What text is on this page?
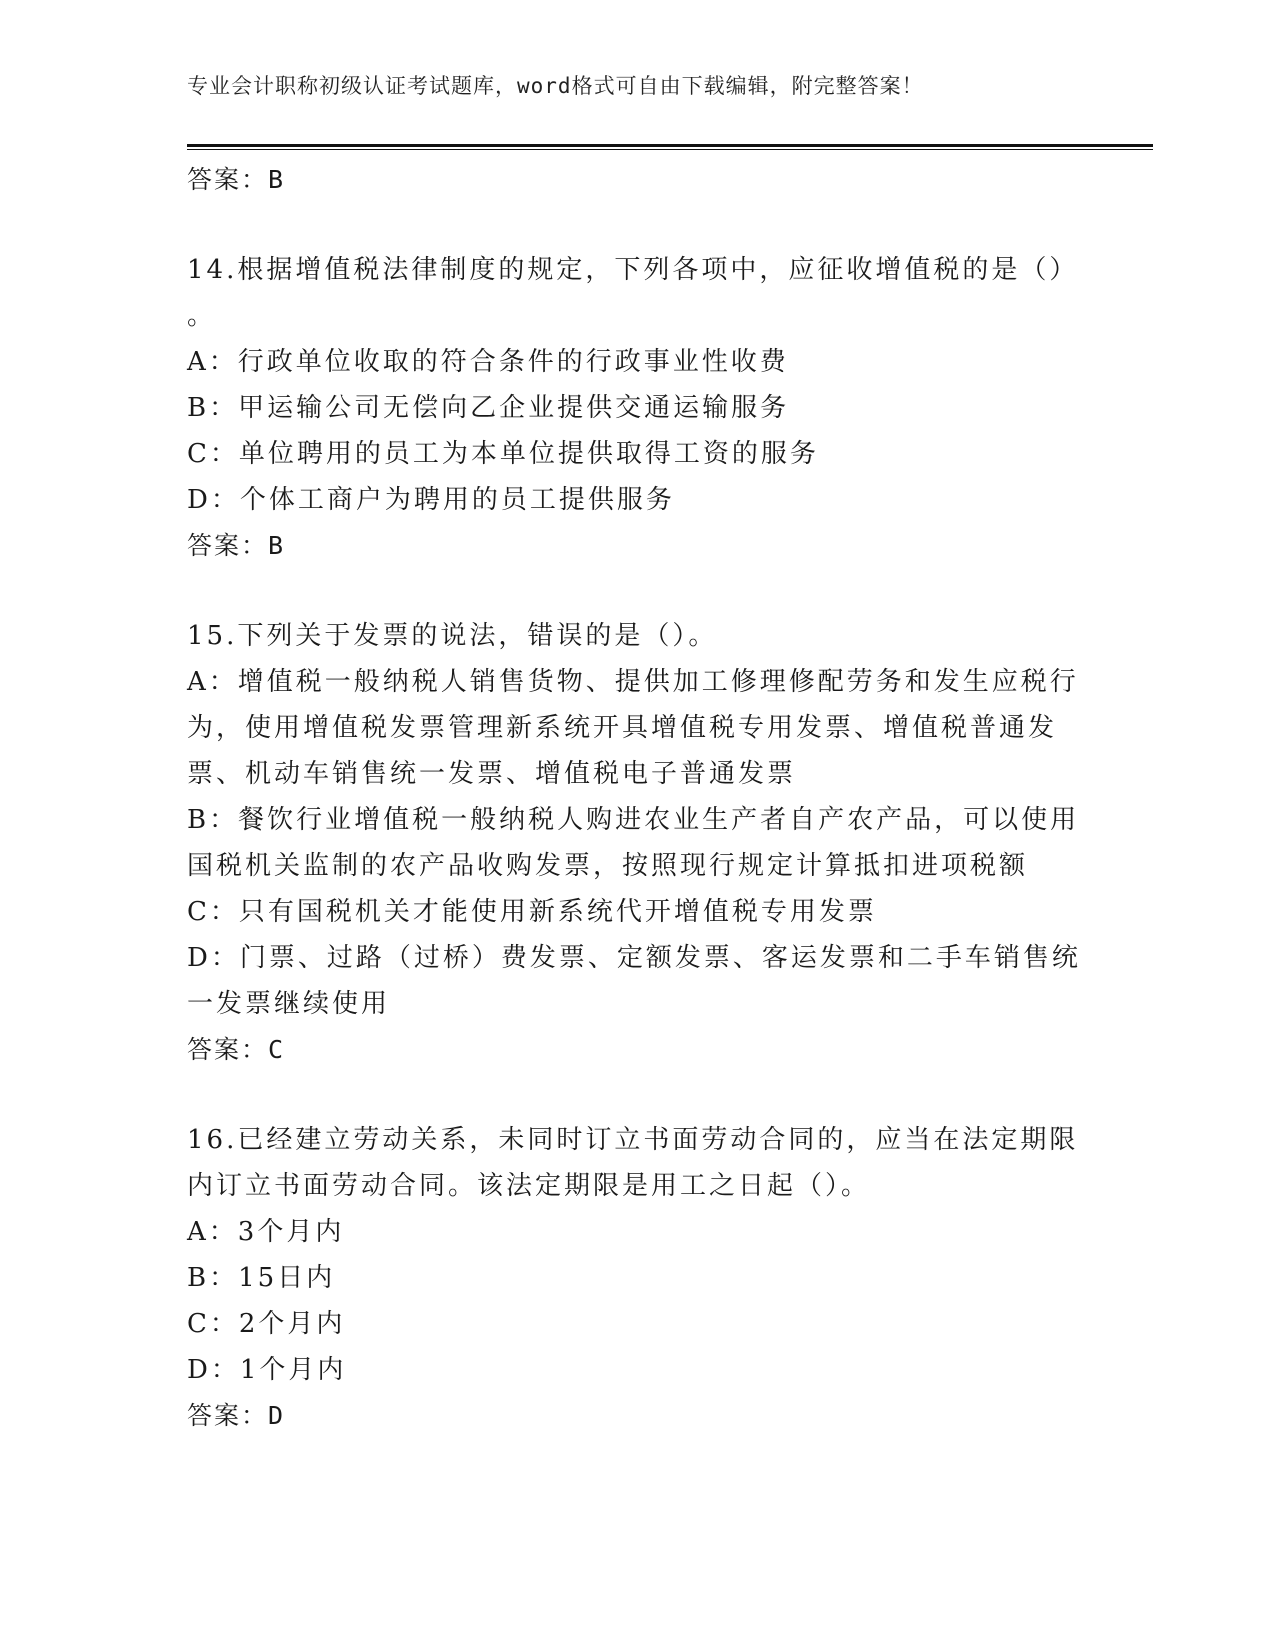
专业会计职称初级认证考试题库，word格式可自由下载编辑，附完整答案！
答案：B
14.根据增值税法律制度的规定，下列各项中，应征收增值税的是（）
。
A：行政单位收取的符合条件的行政事业性收费
B：甲运输公司无偿向乙企业提供交通运输服务
C：单位聘用的员工为本单位提供取得工资的服务
D：个体工商户为聘用的员工提供服务
答案：B
15.下列关于发票的说法，错误的是（）。
A：增值税一般纳税人销售货物、提供加工修理修配劳务和发生应税行
为，使用增值税发票管理新系统开具增值税专用发票、增值税普通发
票、机动车销售统一发票、增值税电子普通发票
B：餐饮行业增值税一般纳税人购进农业生产者自产农产品，可以使用
国税机关监制的农产品收购发票，按照现行规定计算抵扣进项税额
C：只有国税机关才能使用新系统代开增值税专用发票
D：门票、过路（过桥）费发票、定额发票、客运发票和二手车销售统
一发票继续使用
答案：C
16.已经建立劳动关系，未同时订立书面劳动合同的，应当在法定期限
内订立书面劳动合同。该法定期限是用工之日起（）。
A：3个月内
B：15日内
C：2个月内
D：1个月内
答案：D
